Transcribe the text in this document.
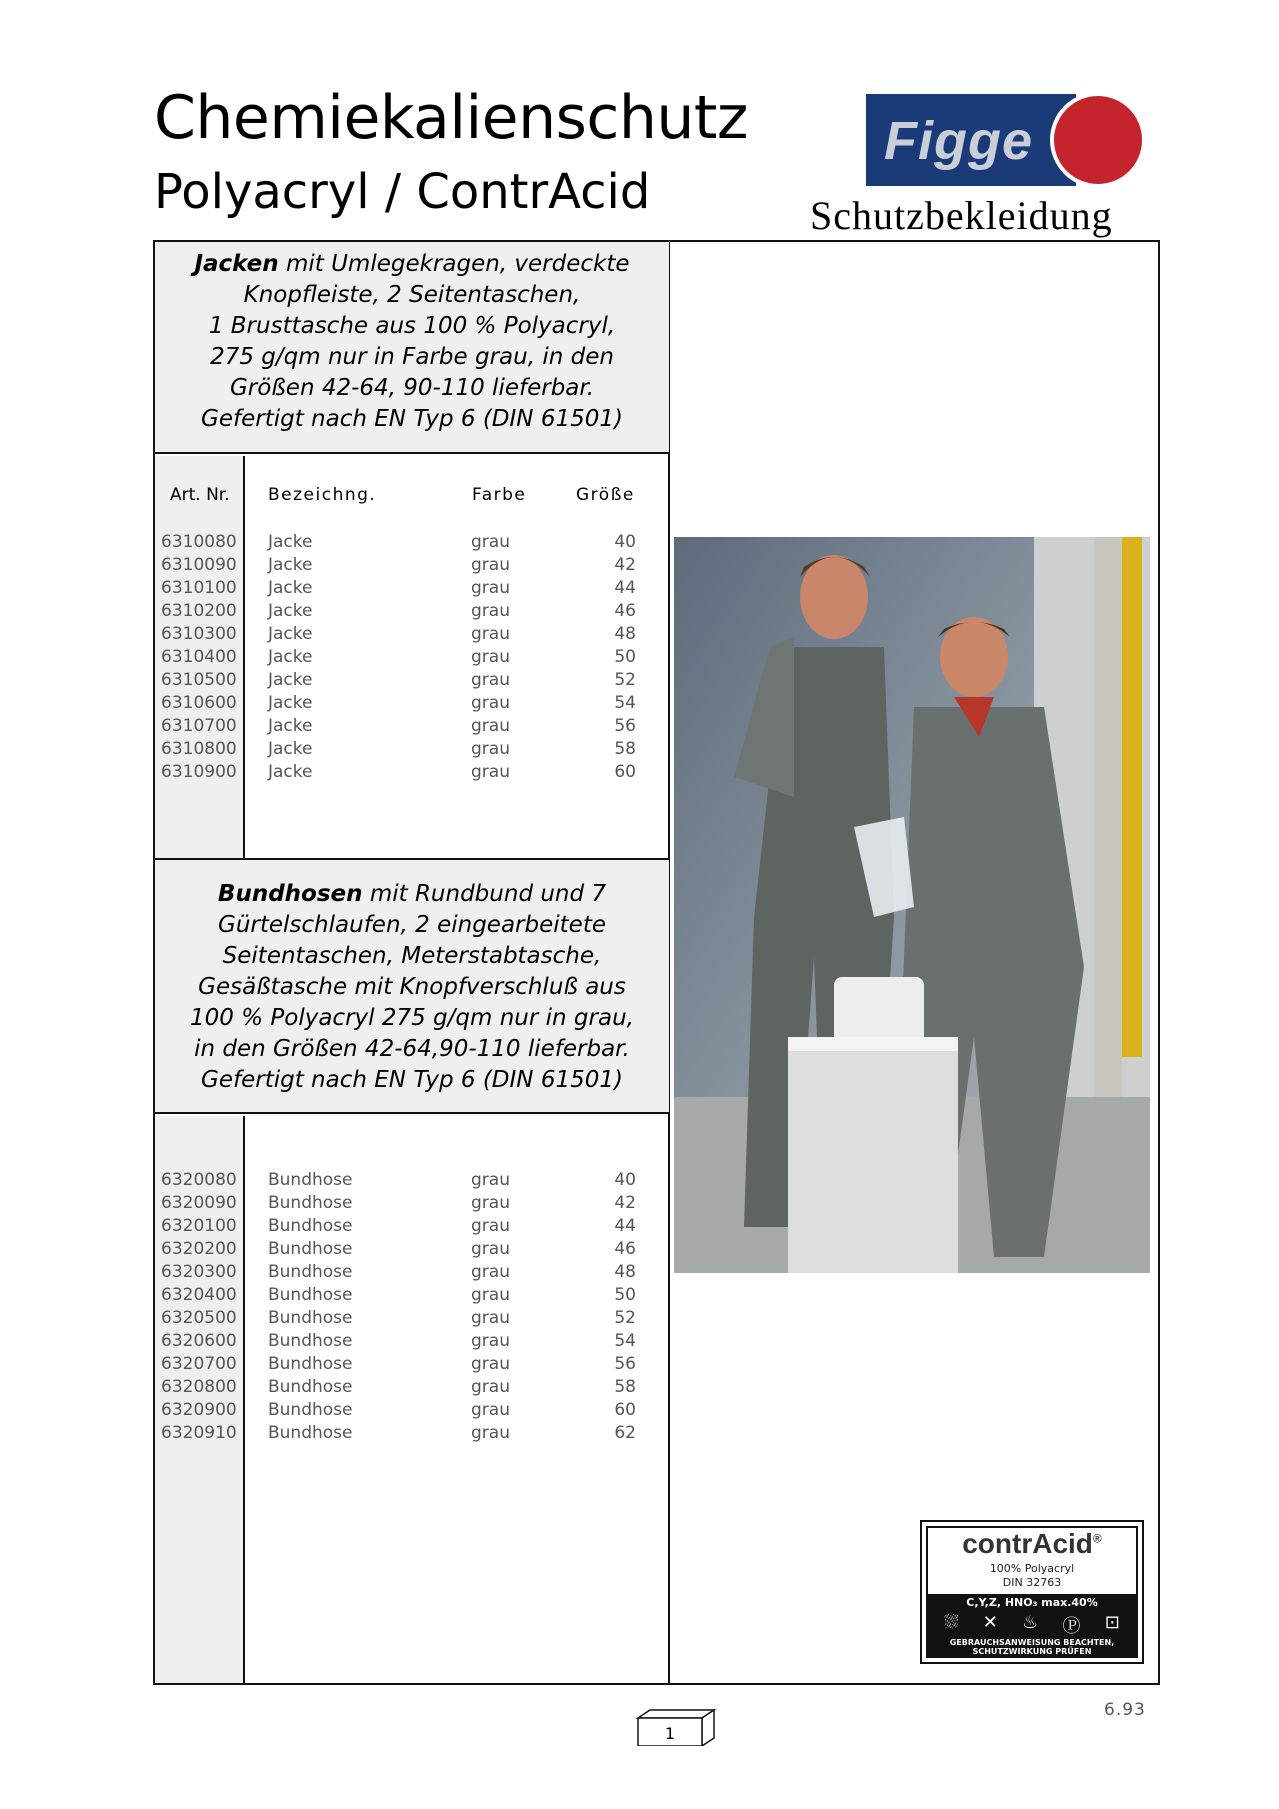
Chemiekalienschutz
Polyacryl / ContrAcid
Figge
Schutzbekleidung
Jacken mit Umlegekragen, verdeckte
Knopfleiste, 2 Seitentaschen,
1 Brusttasche aus 100 % Polyacryl,
275 g/qm nur in Farbe grau, in den
Größen 42-64, 90-110 lieferbar.
Gefertigt nach EN Typ 6 (DIN 61501)
Art. Nr. Bezeichng.	Farbe	Größe
6310080 Jacke	grau	40
6310090 Jacke	grau	42
6310100 Jacke	grau	44
6310200 Jacke	grau	46
6310300 Jacke	grau	48
6310400 Jacke	grau	50
6310500 Jacke	grau	52
6310600 Jacke	grau	54
6310700 Jacke	grau	56
6310800 Jacke	grau	58
6310900 Jacke	grau	60
Bundhosen mit Rundbund und 7
Gürtelschlaufen, 2 eingearbeitete
Seitentaschen, Meterstabtasche,
Gesäßtasche mit Knopfverschluß aus
100 % Polyacryl 275 g/qm nur in grau,
in den Größen 42-64,90-110 lieferbar.
Gefertigt nach EN Typ 6 (DIN 61501)
6320080 Bundhose	grau	40
6320090 Bundhose	grau	42
6320100 Bundhose	grau	44
6320200 Bundhose	grau	46
6320300 Bundhose	grau	48
6320400 Bundhose	grau	50
6320500 Bundhose	grau	52
6320600 Bundhose	grau	54
6320700 Bundhose	grau	56
6320800 Bundhose	grau	58
6320900 Bundhose	grau	60
6320910 Bundhose	grau	62
contrAcid®
100% Polyacryl
DIN 32763
C,Y,Z, HNO₃ max.40%
⛆ ✕ ♨ Ⓟ ⊡
GEBRAUCHSANWEISUNG BEACHTEN,
SCHUTZWIRKUNG PRÜFEN
1
6.93
